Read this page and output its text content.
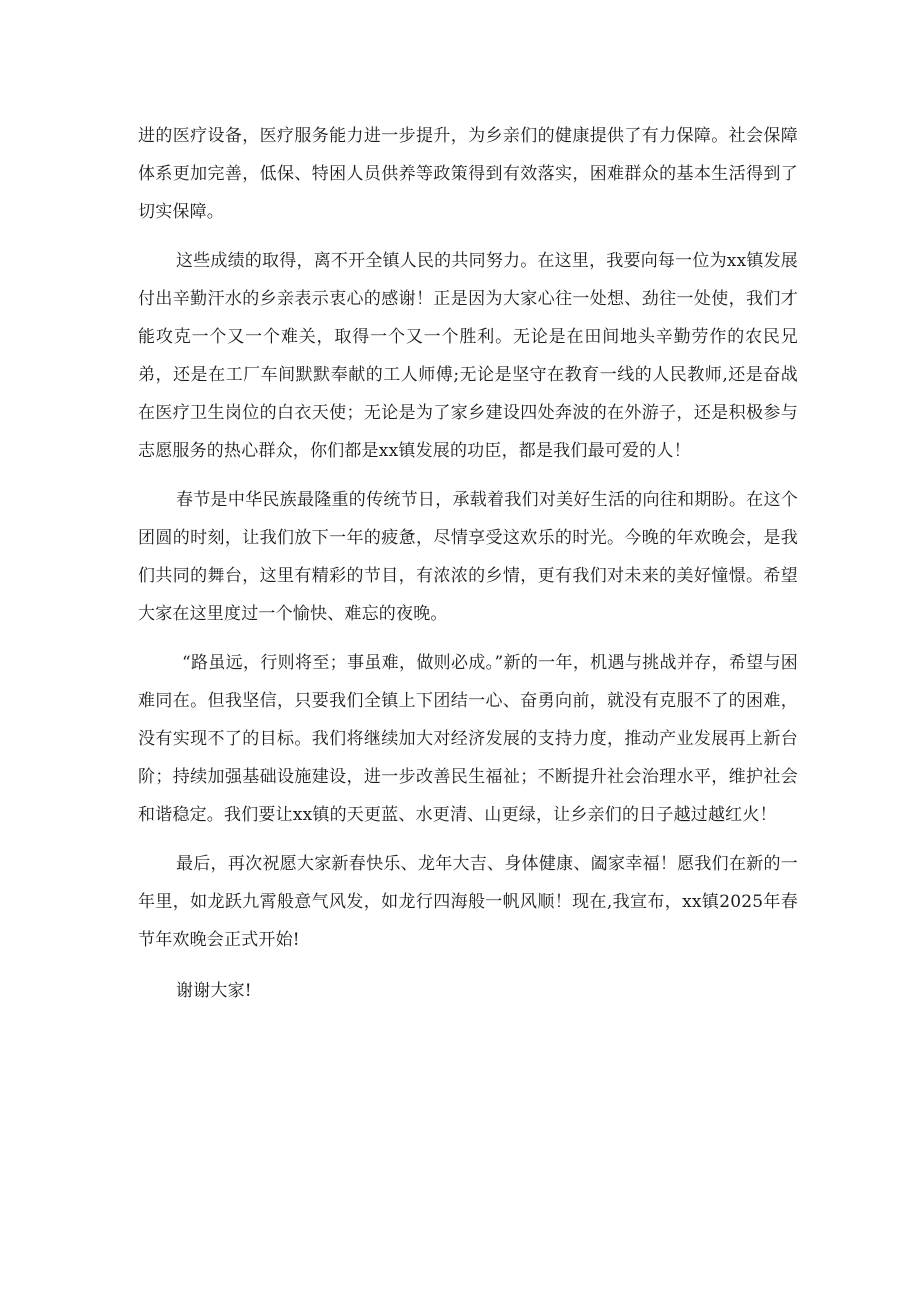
进的医疗设备，医疗服务能力进一步提升，为乡亲们的健康提供了有力保障。社会保障体系更加完善，低保、特困人员供养等政策得到有效落实，困难群众的基本生活得到了切实保障。

这些成绩的取得，离不开全镇人民的共同努力。在这里，我要向每一位为xx镇发展付出辛勤汗水的乡亲表示衷心的感谢！正是因为大家心往一处想、劲往一处使，我们才能攻克一个又一个难关，取得一个又一个胜利。无论是在田间地头辛勤劳作的农民兄弟，还是在工厂车间默默奉献的工人师傅;无论是坚守在教育一线的人民教师,还是奋战在医疗卫生岗位的白衣天使；无论是为了家乡建设四处奔波的在外游子，还是积极参与志愿服务的热心群众，你们都是xx镇发展的功臣，都是我们最可爱的人！

春节是中华民族最隆重的传统节日，承载着我们对美好生活的向往和期盼。在这个团圆的时刻，让我们放下一年的疲惫，尽情享受这欢乐的时光。今晚的年欢晚会，是我们共同的舞台，这里有精彩的节目，有浓浓的乡情，更有我们对未来的美好憧憬。希望大家在这里度过一个愉快、难忘的夜晚。

“路虽远，行则将至；事虽难，做则必成。”新的一年，机遇与挑战并存，希望与困难同在。但我坚信，只要我们全镇上下团结一心、奋勇向前，就没有克服不了的困难，没有实现不了的目标。我们将继续加大对经济发展的支持力度，推动产业发展再上新台阶；持续加强基础设施建设，进一步改善民生福祉；不断提升社会治理水平，维护社会和谐稳定。我们要让xx镇的天更蓝、水更清、山更绿，让乡亲们的日子越过越红火！

最后，再次祝愿大家新春快乐、龙年大吉、身体健康、阖家幸福！愿我们在新的一年里，如龙跃九霄般意气风发，如龙行四海般一帆风顺！现在,我宣布，xx镇2025年春节年欢晚会正式开始!

谢谢大家!
